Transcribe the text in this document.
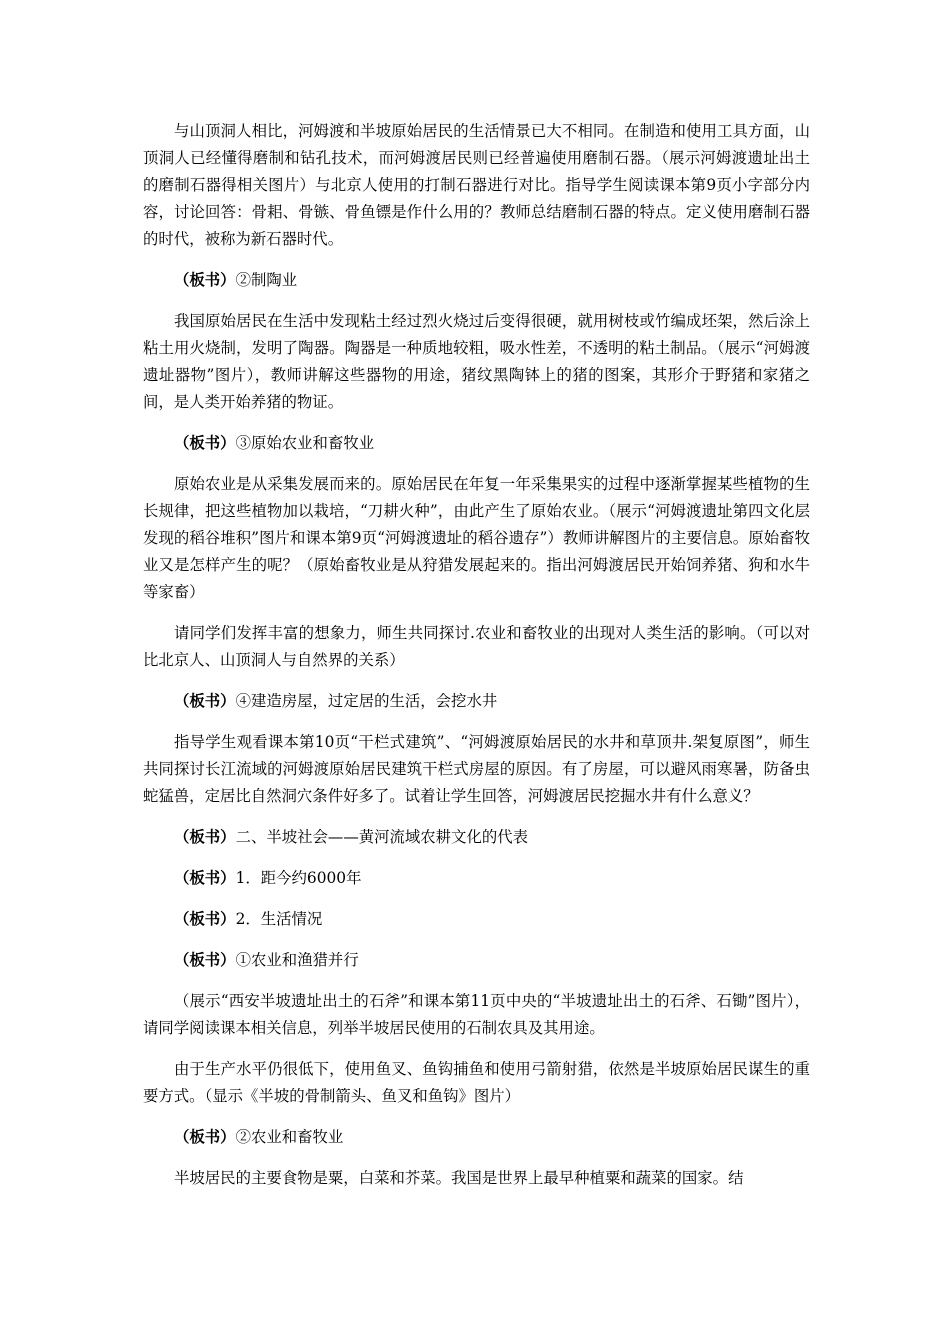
与山顶洞人相比，河姆渡和半坡原始居民的生活情景已大不相同。在制造和使用工具方面，山顶洞人已经懂得磨制和钻孔技术，而河姆渡居民则已经普遍使用磨制石器。（展示河姆渡遗址出土的磨制石器得相关图片）与北京人使用的打制石器进行对比。指导学生阅读课本第9页小字部分内容，讨论回答：骨耜、骨镞、骨鱼镖是作什么用的？教师总结磨制石器的特点。定义使用磨制石器的时代，被称为新石器时代。

（板书）②制陶业

我国原始居民在生活中发现粘土经过烈火烧过后变得很硬，就用树枝或竹编成坯架，然后涂上粘土用火烧制，发明了陶器。陶器是一种质地较粗，吸水性差，不透明的粘土制品。（展示“河姆渡遗址器物”图片），教师讲解这些器物的用途，猪纹黑陶钵上的猪的图案，其形介于野猪和家猪之间，是人类开始养猪的物证。

（板书）③原始农业和畜牧业

原始农业是从采集发展而来的。原始居民在年复一年采集果实的过程中逐渐掌握某些植物的生长规律，把这些植物加以栽培，“刀耕火种”，由此产生了原始农业。（展示“河姆渡遗址第四文化层发现的稻谷堆积”图片和课本第9页“河姆渡遗址的稻谷遗存”）教师讲解图片的主要信息。原始畜牧业又是怎样产生的呢？（原始畜牧业是从狩猎发展起来的。指出河姆渡居民开始饲养猪、狗和水牛等家畜）

请同学们发挥丰富的想象力，师生共同探讨.农业和畜牧业的出现对人类生活的影响。（可以对比北京人、山顶洞人与自然界的关系）

（板书）④建造房屋，过定居的生活，会挖水井

指导学生观看课本第10页“干栏式建筑”、“河姆渡原始居民的水井和草顶井.架复原图”，师生共同探讨长江流域的河姆渡原始居民建筑干栏式房屋的原因。有了房屋，可以避风雨寒暑，防备虫蛇猛兽，定居比自然洞穴条件好多了。试着让学生回答，河姆渡居民挖掘水井有什么意义？

（板书）二、半坡社会——黄河流域农耕文化的代表

（板书）1．距今约6000年

（板书）2．生活情况

（板书）①农业和渔猎并行

（展示“西安半坡遗址出土的石斧”和课本第11页中央的“半坡遗址出土的石斧、石锄”图片），请同学阅读课本相关信息，列举半坡居民使用的石制农具及其用途。

由于生产水平仍很低下，使用鱼叉、鱼钩捕鱼和使用弓箭射猎，依然是半坡原始居民谋生的重要方式。（显示《半坡的骨制箭头、鱼叉和鱼钩》图片）

（板书）②农业和畜牧业

半坡居民的主要食物是粟，白菜和芥菜。我国是世界上最早种植粟和蔬菜的国家。结
